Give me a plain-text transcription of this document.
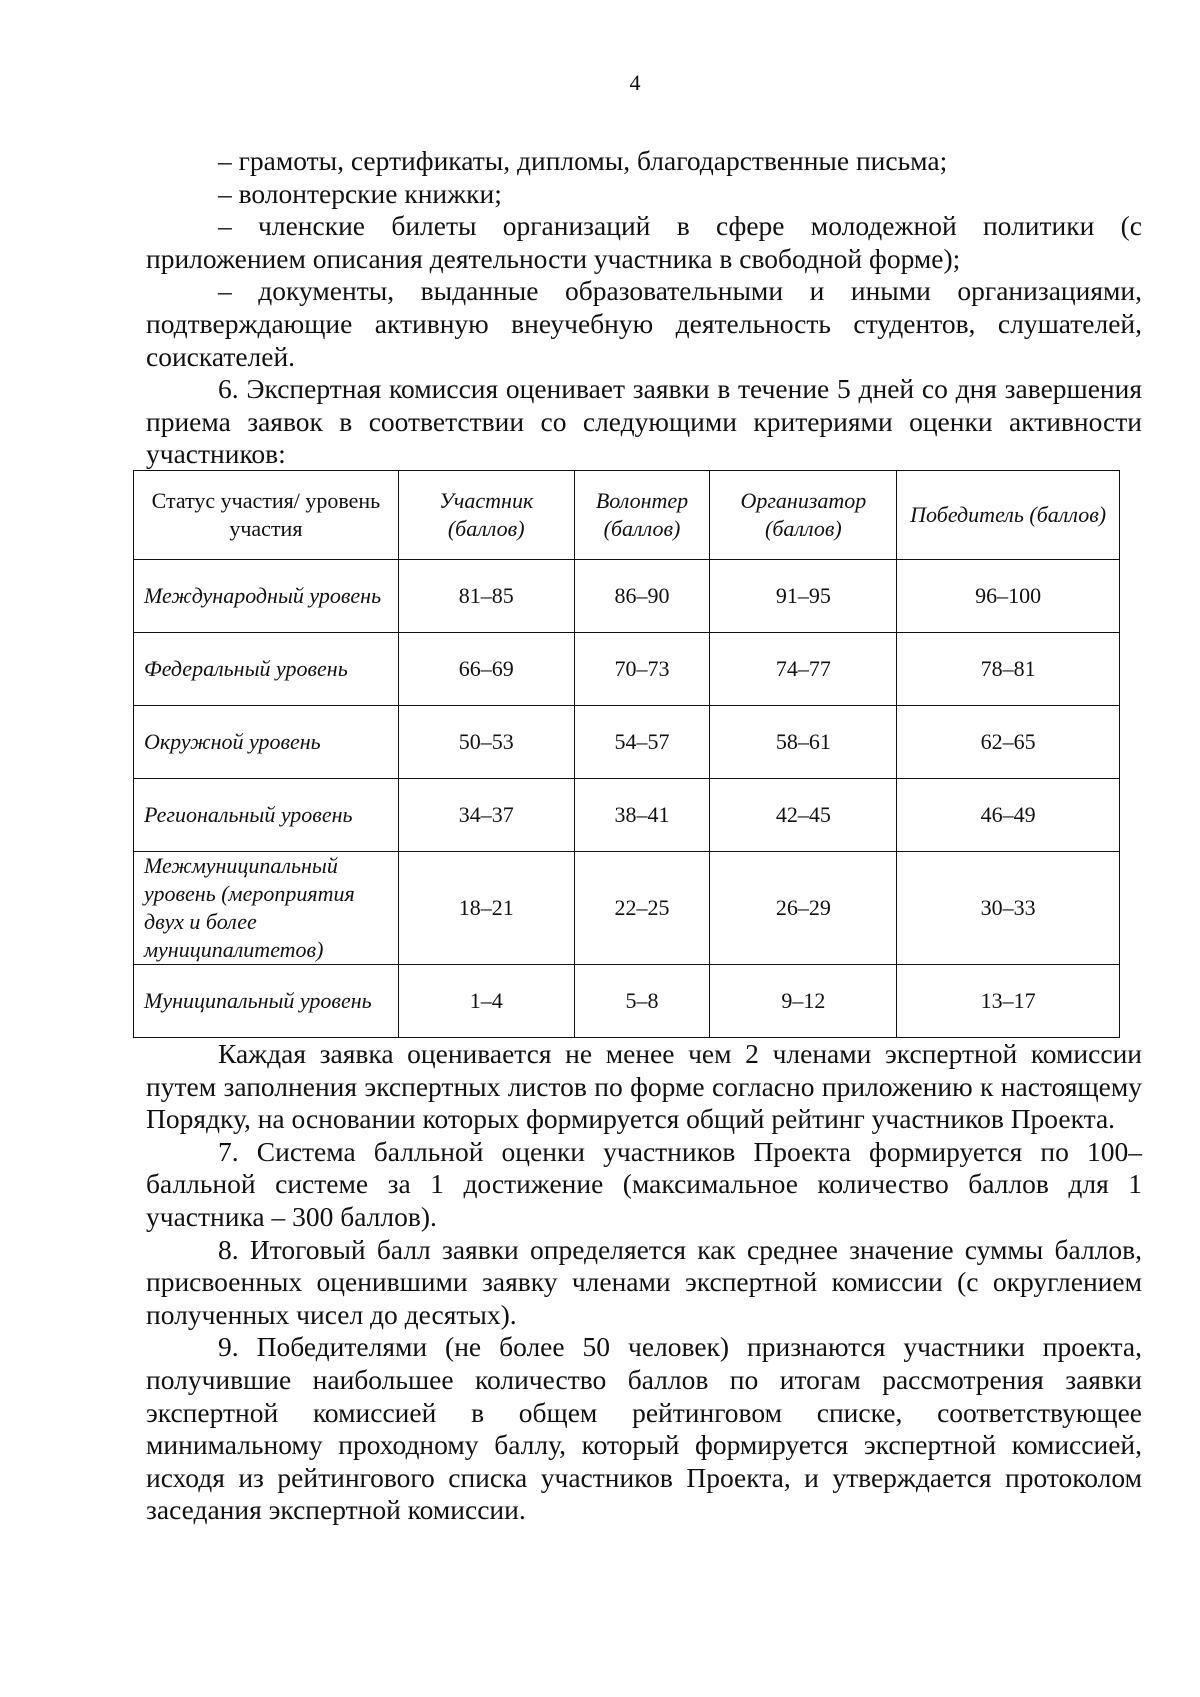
4

– грамоты, сертификаты, дипломы, благодарственные письма;

– волонтерские книжки;

– членские билеты организаций в сфере молодежной политики (с приложением описания деятельности участника в свободной форме);

– документы, выданные образовательными и иными организациями, подтверждающие активную внеучебную деятельность студентов, слушателей, соискателей.

6. Экспертная комиссия оценивает заявки в течение 5 дней со дня завершения приема заявок в соответствии со следующими критериями оценки активности участников:

Статус участия/ уровень участия	Участник (баллов)	Волонтер (баллов)	Организатор (баллов)	Победитель (баллов)
Международный уровень	81–85	86–90	91–95	96–100
Федеральный уровень	66–69	70–73	74–77	78–81
Окружной уровень	50–53	54–57	58–61	62–65
Региональный уровень	34–37	38–41	42–45	46–49
Межмуниципальный уровень (мероприятия двух и более муниципалитетов)	18–21	22–25	26–29	30–33
Муниципальный уровень	1–4	5–8	9–12	13–17

Каждая заявка оценивается не менее чем 2 членами экспертной комиссии путем заполнения экспертных листов по форме согласно приложению к настоящему Порядку, на основании которых формируется общий рейтинг участников Проекта.

7. Система балльной оценки участников Проекта формируется по 100–балльной системе за 1 достижение (максимальное количество баллов для 1 участника – 300 баллов).

8. Итоговый балл заявки определяется как среднее значение суммы баллов, присвоенных оценившими заявку членами экспертной комиссии (с округлением полученных чисел до десятых).

9. Победителями (не более 50 человек) признаются участники проекта, получившие наибольшее количество баллов по итогам рассмотрения заявки экспертной комиссией в общем рейтинговом списке, соответствующее минимальному проходному баллу, который формируется экспертной комиссией, исходя из рейтингового списка участников Проекта, и утверждается протоколом заседания экспертной комиссии.
